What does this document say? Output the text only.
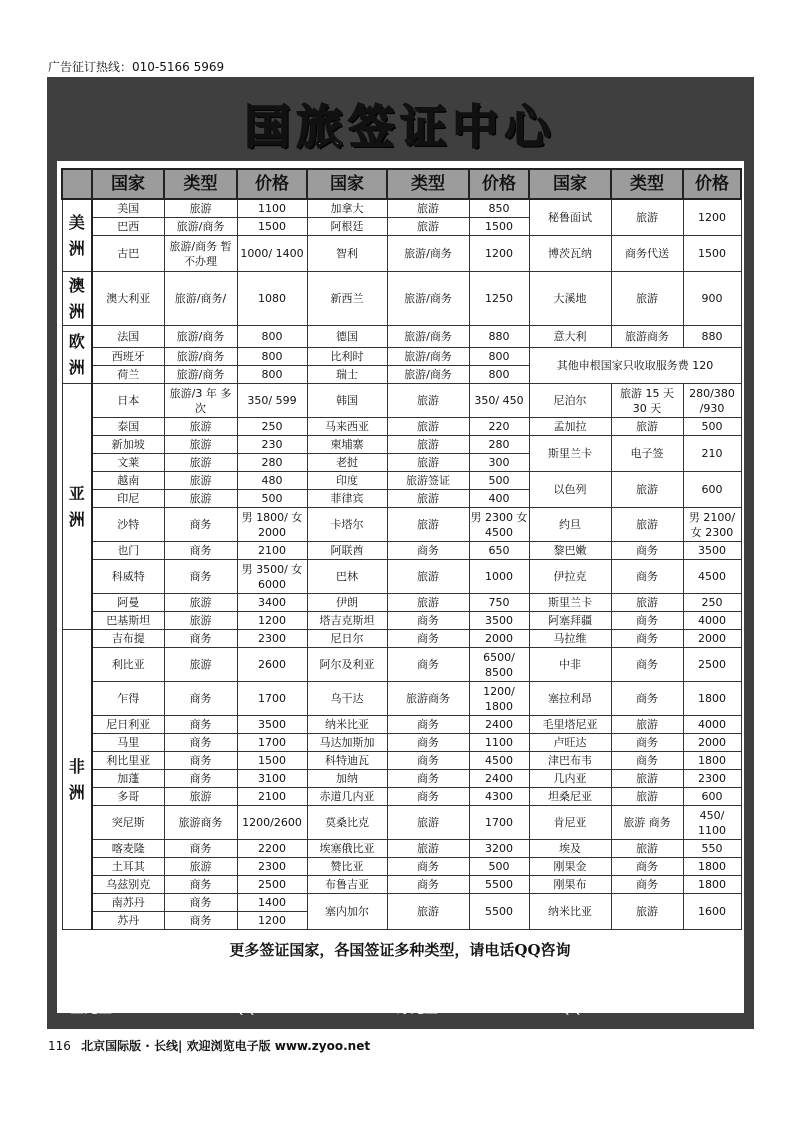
广告征订热线：010-5166 5969
国旅签证中心
	国家	类型	价格	国家	类型	价格	国家	类型	价格
美洲	美国	旅游	1100	加拿大	旅游	850	秘鲁面试	旅游	1200
	巴西	旅游/商务	1500	阿根廷	旅游	1500			
	古巴	旅游/商务 暂不办理	1000/ 1400	智利	旅游/商务	1200	博茨瓦纳	商务代送	1500
澳洲	澳大利亚	旅游/商务/	1080	新西兰	旅游/商务	1250	大溪地	旅游	900
欧洲	法国	旅游/商务	800	德国	旅游/商务	880	意大利	旅游商务	880
	西班牙	旅游/商务	800	比利时	旅游/商务	800	其他申根国家只收取服务费 120		
	荷兰	旅游/商务	800	瑞士	旅游/商务	800			
亚洲	日本	旅游/3 年 多次	350/ 599	韩国	旅游	350/ 450	尼泊尔	旅游 15 天 30 天	280/380 /930
	泰国	旅游	250	马来西亚	旅游	220	孟加拉	旅游	500
	新加坡	旅游	230	柬埔寨	旅游	280	斯里兰卡	电子签	210
	文莱	旅游	280	老挝	旅游	300			
	越南	旅游	480	印度	旅游签证	500	以色列	旅游	600
	印尼	旅游	500	菲律宾	旅游	400			
	沙特	商务	男 1800/ 女 2000	卡塔尔	旅游	男 2300 女 4500	约旦	旅游	男 2100/ 女 2300
	也门	商务	2100	阿联酋	商务	650	黎巴嫩	商务	3500
	科威特	商务	男 3500/ 女 6000	巴林	旅游	1000	伊拉克	商务	4500
	阿曼	旅游	3400	伊朗	旅游	750	斯里兰卡	旅游	250
	巴基斯坦	旅游	1200	塔吉克斯坦	商务	3500	阿塞拜疆	商务	4000
非洲	吉布提	商务	2300	尼日尔	商务	2000	马拉维	商务	2000
	利比亚	旅游	2600	阿尔及利亚	商务	6500/ 8500	中非	商务	2500
	乍得	商务	1700	乌干达	旅游商务	1200/ 1800	塞拉利昂	商务	1800
	尼日利亚	商务	3500	纳米比亚	商务	2400	毛里塔尼亚	旅游	4000
	马里	商务	1700	马达加斯加	商务	1100	卢旺达	商务	2000
	利比里亚	商务	1500	科特迪瓦	商务	4500	津巴布韦	商务	1800
	加蓬	商务	3100	加纳	商务	2400	几内亚	旅游	2300
	多哥	旅游	2100	赤道几内亚	商务	4300	坦桑尼亚	旅游	600
	突尼斯	旅游商务	1200/2600	莫桑比克	旅游	1700	肯尼亚	旅游 商务	450/ 1100
	喀麦隆	商务	2200	埃塞俄比亚	旅游	3200	埃及	旅游	550
	土耳其	旅游	2300	赞比亚	商务	500	刚果金	商务	1800
	乌兹别克	商务	2500	布鲁吉亚	商务	5500	刚果布	商务	1800
	南苏丹	商务	1400	塞内加尔	旅游	5500	纳米比亚	旅游	1600
	苏丹	商务	1200						
更多签证国家，各国签证多种类型，请电话QQ咨询
联系方式
王先生：010-52183299 QQ：97635590	方先生：010-52183018 QQ:613899
116 北京国际版 · 长线| 欢迎浏览电子版 www.zyoo.net
